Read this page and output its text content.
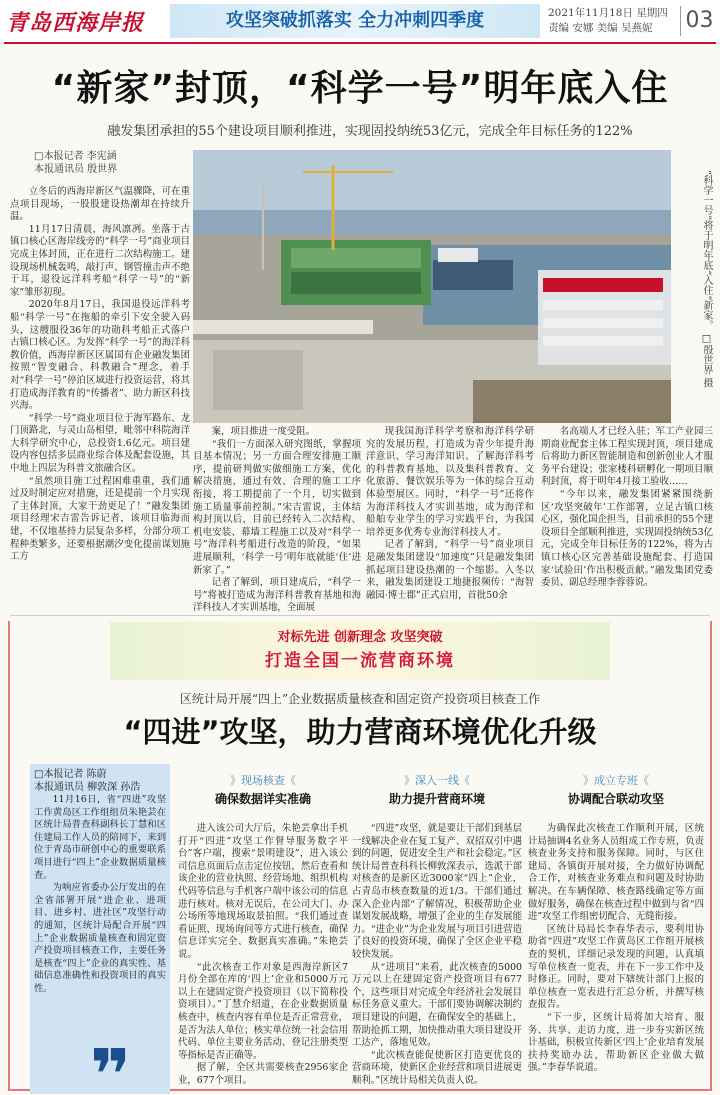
青岛西海岸报	攻坚突破抓落实 全力冲刺四季度	2021年11月18日 星期四
责编 安娜 美编 吴燕妮	03
“新家”封顶，“科学一号”明年底入住
融发集团承担的55个建设项目顺利推进，实现固投纳统53亿元，完成全年目标任务的122%
□本报记者 李宪涵
本报通讯员 殷世界

立冬后的西海岸新区气温骤降，可在重点项目现场，一股股建设热潮却在持续升温。

11月17日清晨，海风凛冽。坐落于古镇口核心区海岸线旁的“科学一号”商业项目完成主体封顶，正在进行二次结构施工。建设现场机械轰鸣，敲打声、钢管撞击声不绝于耳，退役远洋科考船“科学一号”的“新家”雏形初现。

2020年8月17日，我国退役远洋科考船“科学一号”在拖船的牵引下安全驶入码头，这艘服役36年的功勋科考船正式落户古镇口核心区。为发挥“科学一号”的海洋科教价值，西海岸新区区属国有企业融发集团按照“智变融合、科教融合”理念，着手对“科学一号”停泊区域进行投资运营，将其打造成海洋教育的“传播者”、助力新区科技兴海。

“科学一号”商业项目位于海军路东、龙门顶路北，与灵山岛相望，毗邻中科院海洋大科学研究中心，总投资1.6亿元。项目建设内容包括多层商业综合体及配套设施，其中地上四层为科普文旅融合区。

“虽然项目施工过程困难重重，我们通过及时制定应对措施，还是提前一个月实现了主体封顶，大家干劲更足了！”融发集团项目经理宋吉雷告诉记者，该项目临海而建，不仅地基持力层复杂多样，分部分项工程种类繁多，还要根据潮汐变化提前谋划施工方

“科学一号”将于明年底“入住”新家。 □殷世界 摄

案，项目推进一度受阻。

“我们一方面深入研究图纸，掌握项目基本情况；另一方面合理安排施工顺序，提前研判做实做细施工方案，优化解决措施，通过有效、合理的施工工序衔接，将工期提前了一个月，切实做到施工质量事前控制。”宋吉雷说，主体结构封顶以后，目前已经转入二次结构、机电安装、幕墙工程施工以及对“科学一号”海洋科考船进行改造的阶段，“如果进展顺利，‘科学一号’明年底就能‘住’进新家了。”

记者了解到，项目建成后，“科学一号”将被打造成为海洋科普教育基地和海洋科技人才实训基地，全面展

现我国海洋科学考察和海洋科学研究的发展历程，打造成为青少年提升海洋意识、学习海洋知识、了解海洋科考的科普教育基地，以及集科普教育、文化旅游、餐饮娱乐等为一体的综合互动体验型展区。同时，“科学一号”还将作为海洋科技人才实训基地，成为海洋和船舶专业学生的学习实践平台，为我国培养更多优秀专业海洋科技人才。

记者了解到，“科学一号”商业项目是融发集团建设“加速度”只是融发集团抓起项目建设热潮的一个缩影。入冬以来，融发集团建设工地捷报频传：“海智融园·博士郡”正式启用，首批50余

名高端人才已经入驻；军工产业园三期商业配套主体工程实现封顶，项目建成后将助力新区智能制造和创新创业人才服务平台建设；张家楼科研孵化一期项目顺利封顶，将于明年4月接工验收……

“今年以来，融发集团紧紧围绕新区‘攻坚突破年’工作部署，立足古镇口核心区，强化国企担当，目前承担的55个建设项目全部顺利推进，实现固投纳统53亿元，完成全年目标任务的122%，将为古镇口核心区完善基础设施配套、打造国家‘试验田’作出积极贡献。”融发集团党委委员、副总经理李蓉蓉说。

对标先进 创新理念 攻坚突破
打造全国一流营商环境
区统计局开展“四上”企业数据质量核查和固定资产投资项目核查工作
“四进”攻坚，助力营商环境优化升级
□本报记者 陈蔚
本报通讯员 柳敦深 孙浩

11月16日，省“四进”攻坚工作黄岛区工作组组员朱艳芸在区统计局普查科副科长丁慧和区住建局工作人员的陪同下，来到位于青岛市研创中心的重要联系项目进行“四上”企业数据质量核查。

为响应省委办公厅发出的在全省部署开展“进企业、进项目、进乡村、进社区”攻坚行动的通知，区统计局配合开展“四上”企业数据质量核查和固定资产投资项目核查工作，主要任务是核查“四上”企业的真实性、基础信息准确性和投资项目的真实性。

❞
》现场核查《
确保数据详实准确

进入该公司大厅后，朱艳芸拿出手机打开“四进”攻坚工作督导服务数字平台”客户端，搜索“景明建设”，进入该公司信息页面后点击定位按钮，然后查看和该企业的营业执照、经营场地、组织机构代码等信息与手机客户端中该公司的信息进行核对。核对无误后，在公司大门、办公场所等地现场取景拍照。“我们通过查看证照、现场询问等方式进行核查，确保信息详实完全、数据真实准确。”朱艳芸说。

“此次核查工作对象是西海岸新区7月份全部在库的‘四上’企业和5000万元以上在建固定资产投资项目（以下简称投资项目）。”丁慧介绍道，在企业数据质量核查中，核查内容有单位是否正常营业，是否为法人单位；核实单位统一社会信用代码、单位主要业务活动、登记注册类型等指标是否正确等。

据了解，全区共需要核查2956家企业，677个项目。

》深入一线《
助力提升营商环境

“四进”攻坚，就是要让干部们到基层一线解决企业在复工复产、双招双引中遇到的问题，促进安全生产和社会稳定。”区统计局普查科科长柳敦深表示，选派干部对核查的是新区近3000家“四上”企业，占青岛市核查数量的近1/3。干部们通过深入企业内部“了解情况，积极帮助企业谋划发展战略，增强了企业的生存发展能力。“进企业”为企业发展与项目引进营造了良好的投资环境，确保了全区企业平稳较快发展。

从“进项目”来看，此次核查的5000万元以上在建固定资产投资项目有677个，这些项目对完成全年经济社会发展目标任务意义重大。干部们要协调解决制约项目建设的问题，在确保安全的基础上，帮助抢抓工期，加快推动重大项目建设开工达产，落地见效。

“此次核查能促使新区打造更优良的营商环境，使新区企业经营和项目进展更顺利。”区统计局相关负责人说。

》成立专班《
协调配合联动攻坚

为确保此次核查工作顺利开展，区统计局抽调4名业务人员组成工作专班，负责核查业务支持和服务保障。同时，与区住建局、各镇街开展对接，全力做好协调配合工作，对核查业务难点和问题及时协助解决。在车辆保障、核查路线确定等方面做好服务，确保在核查过程中做到与省“四进”攻坚工作组密切配合、无缝衔接。

区统计局局长李春华表示，要利用协助省“四进”攻坚工作黄岛区工作组开展核查的契机，详细记录发现的问题，认真填写单位核查一览表，并在下一步工作中及时修正。同时，要对下辖统计部门上报的单位核查一览表进行汇总分析，并撰写核查报告。

“下一步，区统计局将加大培育、服务、共享、走访力度，进一步夯实新区统计基础，积极宣传新区‘四上’企业培育发展扶持奖励办法，帮助新区企业做大做强。”李春华说道。
